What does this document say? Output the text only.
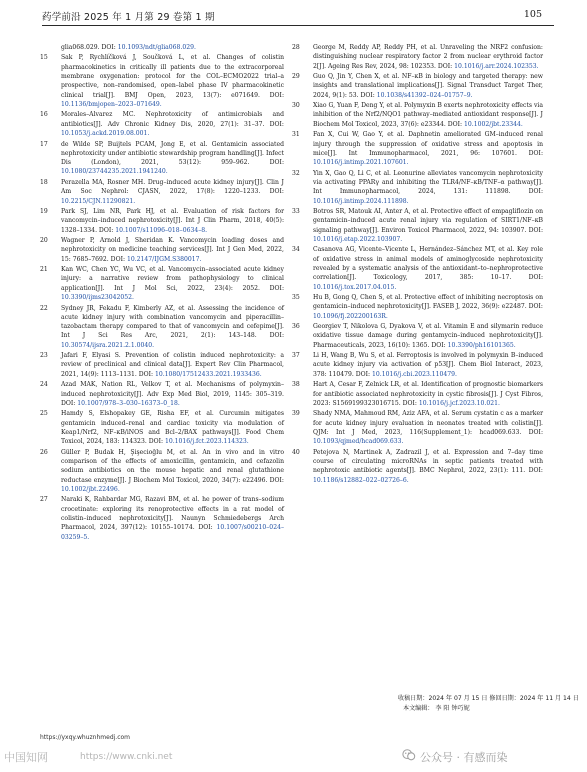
药学前沿 2025 年 1 月第 29 卷第 1 期	105
glia068.029. DOI: 10.1093/ndt/glia068.029.
15	Sak P, Rychlíčková J, Součková L, et al. Changes of colistin pharmacokinetics in critically ill patients due to the extracorporeal membrane oxygenation: protocol for the COL–ECMO2022 trial–a prospective, non–randomised, open–label phase IV pharmacokinetic clinical trial[J]. BMJ Open, 2023, 13(7): e071649. DOI: 10.1136/bmjopen–2023–071649.
16	Morales–Alvarez MC. Nephrotoxicity of antimicrobials and antibiotics[J]. Adv Chronic Kidney Dis, 2020, 27(1): 31–37. DOI: 10.1053/j.ackd.2019.08.001.
17	de Wilde SP, Buijtels PCAM, Jong E, et al. Gentamicin associated nephrotoxicity under antibiotic stewardship program handling[J]. Infect Dis (London), 2021, 53(12): 959–962. DOI: 10.1080/23744235.2021.1941240.
18	Perazella MA, Rosner MH. Drug–induced acute kidney injury[J]. Clin J Am Soc Nephrol: CJASN, 2022, 17(8): 1220–1233. DOI: 10.2215/CJN.11290821.
19	Park SJ, Lim NR, Park HJ, et al. Evaluation of risk factors for vancomycin–induced nephrotoxicity[J]. Int J Clin Pharm, 2018, 40(5): 1328–1334. DOI: 10.1007/s11096–018–0634–8.
20	Wagner P, Arnold J, Sheridan K. Vancomycin loading doses and nephrotoxicity on medicine teaching services[J]. Int J Gen Med, 2022, 15: 7685–7692. DOI: 10.2147/IJGM.S380017.
21	Kan WC, Chen YC, Wu VC, et al. Vancomycin–associated acute kidney injury: a narrative review from pathophysiology to clinical application[J]. Int J Mol Sci, 2022, 23(4): 2052. DOI: 10.3390/ijms23042052.
22	Sydney JR, Fekadu F, Kimberly AZ, et al. Assessing the incidence of acute kidney injury with combination vancomycin and piperacillin–tazobactam therapy compared to that of vancomycin and cefepime[J]. Int J Sci Res Arc, 2021, 2(1): 143–148. DOI: 10.30574/ijsra.2021.2.1.0040.
23	Jafari F, Elyasi S. Prevention of colistin induced nephrotoxicity: a review of preclinical and clinical data[J]. Expert Rev Clin Pharmacol, 2021, 14(9): 1113–1131. DOI: 10.1080/17512433.2021.1933436.
24	Azad MAK, Nation RL, Velkov T, et al. Mechanisms of polymyxin–induced nephrotoxicity[J]. Adv Exp Med Biol, 2019, 1145: 305–319. DOI: 10.1007/978–3–030–16373–0_18.
25	Hamdy S, Elshopakey GE, Risha EF, et al. Curcumin mitigates gentamicin induced–renal and cardiac toxicity via modulation of Keap1/Nrf2, NF–κB/iNOS and Bcl–2/BAX pathways[J]. Food Chem Toxicol, 2024, 183: 114323. DOI: 10.1016/j.fct.2023.114323.
26	Güller P, Budak H, Şişecioğlu M, et al. An in vivo and in vitro comparison of the effects of amoxicillin, gentamicin, and cefazolin sodium antibiotics on the mouse hepatic and renal glutathione reductase enzyme[J]. J Biochem Mol Toxicol, 2020, 34(7): e22496. DOI: 10.1002/jbt.22496.
27	Naraki K, Rahbardar MG, Razavi BM, et al. he power of trans–sodium crocetinate: exploring its renoprotective effects in a rat model of colistin–induced nephrotoxicity[J]. Naunyn Schmiedebergs Arch Pharmacol, 2024, 397(12): 10155–10174. DOI: 10.1007/s00210–024–03259–5.
28	George M, Reddy AP, Reddy PH, et al. Unraveling the NRF2 confusion: distinguishing nuclear respiratory factor 2 from nuclear erythroid factor 2[J]. Ageing Res Rev, 2024, 98: 102353. DOI: 10.1016/j.arr.2024.102353.
29	Guo Q, Jin Y, Chen X, et al. NF–κB in biology and targeted therapy: new insights and translational implications[J]. Signal Transduct Target Ther, 2024, 9(1): 53. DOI: 10.1038/s41392–024–01757–9.
30	Xiao G, Yuan F, Deng Y, et al. Polymyxin B exerts nephrotoxicity effects via inhibition of the Nrf2/NQO1 pathway–mediated antioxidant response[J]. J Biochem Mol Toxicol, 2023, 37(6): e23344. DOI: 10.1002/jbt.23344.
31	Fan X, Cui W, Gao Y, et al. Daphnetin ameliorated GM–induced renal injury through the suppression of oxidative stress and apoptosis in mice[J]. Int Immunopharmacol, 2021, 96: 107601. DOI: 10.1016/j.intimp.2021.107601.
32	Yin X, Gao Q, Li C, et al. Leonurine alleviates vancomycin nephrotoxicity via activating PPARγ and inhibiting the TLR4/NF–κB/TNF–α pathway[J]. Int Immunopharmacol, 2024, 131: 111898. DOI: 10.1016/j.intimp.2024.111898.
33	Botros SR, Matouk AI, Anter A, et al. Protective effect of empagliflozin on gentamicin–induced acute renal injury via regulation of SIRT1/NF–κB signaling pathway[J]. Environ Toxicol Pharmacol, 2022, 94: 103907. DOI: 10.1016/j.etap.2022.103907.
34	Casanova AG, Vicente–Vicente L, Hernández–Sánchez MT, et al. Key role of oxidative stress in animal models of aminoglycoside nephrotoxicity revealed by a systematic analysis of the antioxidant–to–nephroprotective correlation[J]. Toxicology, 2017, 385: 10–17. DOI: 10.1016/j.tox.2017.04.015.
35	Hu B, Gong Q, Chen S, et al. Protective effect of inhibiting necroptosis on gentamicin–induced nephrotoxicity[J]. FASEB J, 2022, 36(9): e22487. DOI: 10.1096/fj.202200163R.
36	Georgiev T, Nikolova G, Dyakova V, et al. Vitamin E and silymarin reduce oxidative tissue damage during gentamycin–induced nephrotoxicity[J]. Pharmaceuticals, 2023, 16(10): 1365. DOI: 10.3390/ph16101365.
37	Li H, Wang B, Wu S, et al. Ferroptosis is involved in polymyxin B–induced acute kidney injury via activation of p53[J]. Chem Biol Interact, 2023, 378: 110479. DOI: 10.1016/j.cbi.2023.110479.
38	Hart A, Cesar F, Zelnick LR, et al. Identification of prognostic biomarkers for antibiotic associated nephrotoxicity in cystic fibrosis[J]. J Cyst Fibros, 2023: S1569199323016715. DOI: 10.1016/j.jcf.2023.10.021.
39	Shady NMA, Mahmoud RM, Aziz AFA, et al. Serum cystatin c as a marker for acute kidney injury evaluation in neonates treated with colistin[J]. QJM: Int J Med, 2023, 116(Supplement_1): hcad069.633. DOI: 10.1093/qjmed/hcad069.633.
40	Petejova N, Martinek A, Zadrazil J, et al. Expression and 7–day time course of circulating microRNAs in septic patients treated with nephrotoxic antibiotic agents[J]. BMC Nephrol, 2022, 23(1): 111. DOI: 10.1186/s12882–022–02726–6.
收稿日期：2024 年 07 月 15 日 修回日期：2024 年 11 月 14 日
本文编辑： 李 阳 钟巧妮
https://yxqy.whuznhmedj.com
中国知网	https://www.cnki.net	公众号 · 有感而染
